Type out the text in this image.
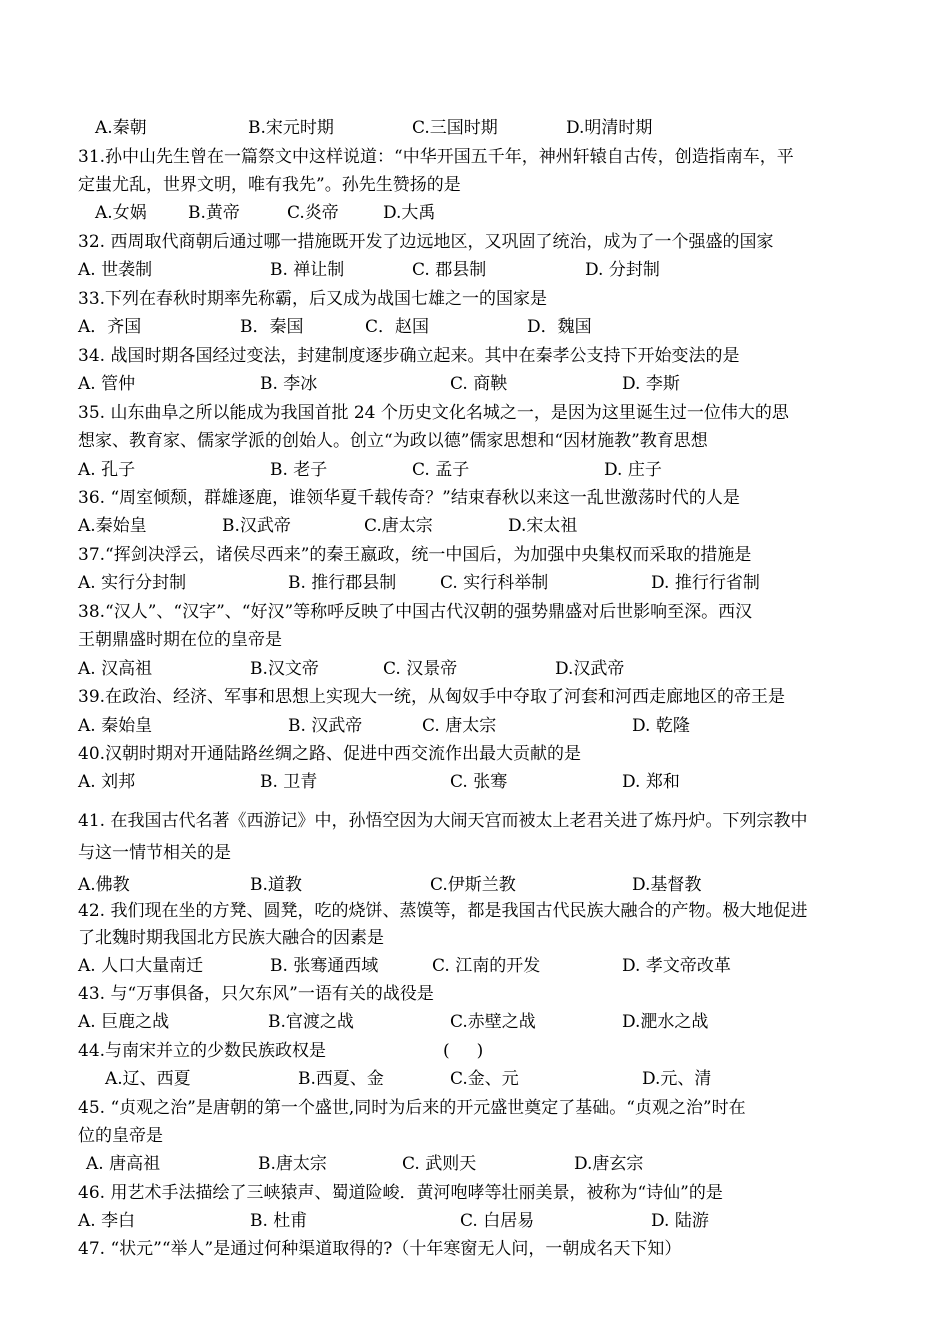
A.秦朝	B.宋元时期	C.三国时期	D.明清时期
31.孙中山先生曾在一篇祭文中这样说道：“中华开国五千年，神州轩辕自古传，创造指南车，平
定蚩尤乱，世界文明，唯有我先”。孙先生赞扬的是
A.女娲 B.黄帝	C.炎帝	D.大禹
32. 西周取代商朝后通过哪一措施既开发了边远地区，又巩固了统治，成为了一个强盛的国家
A. 世袭制	B. 禅让制	C. 郡县制	D. 分封制
33.下列在春秋时期率先称霸，后又成为战国七雄之一的国家是
A．齐国	B．秦国	C．赵国	D．魏国
34. 战国时期各国经过变法，封建制度逐步确立起来。其中在秦孝公支持下开始变法的是
A. 管仲	B. 李冰	C. 商鞅	D. 李斯
35. 山东曲阜之所以能成为我国首批 24 个历史文化名城之一，是因为这里诞生过一位伟大的思
想家、教育家、儒家学派的创始人。创立“为政以德”儒家思想和“因材施教”教育思想
A. 孔子	B. 老子	C. 孟子	D. 庄子
36. “周室倾颓，群雄逐鹿，谁领华夏千载传奇？”结束春秋以来这一乱世激荡时代的人是
A.秦始皇	B.汉武帝	C.唐太宗	D.宋太祖
37.“挥剑决浮云，诸侯尽西来”的秦王嬴政，统一中国后，为加强中央集权而采取的措施是
A. 实行分封制	B. 推行郡县制	C. 实行科举制	D. 推行行省制
38.“汉人”、“汉字”、“好汉”等称呼反映了中国古代汉朝的强势鼎盛对后世影响至深。西汉
王朝鼎盛时期在位的皇帝是
A. 汉高祖	B.汉文帝	C. 汉景帝	D.汉武帝
39.在政治、经济、军事和思想上实现大一统，从匈奴手中夺取了河套和河西走廊地区的帝王是
A. 秦始皇	B. 汉武帝	C. 唐太宗	D. 乾隆
40.汉朝时期对开通陆路丝绸之路、促进中西交流作出最大贡献的是
A. 刘邦	B. 卫青	C. 张骞	D. 郑和
41. 在我国古代名著《西游记》中，孙悟空因为大闹天宫而被太上老君关进了炼丹炉。下列宗教中
与这一情节相关的是
A.佛教	B.道教	C.伊斯兰教	D.基督教
42. 我们现在坐的方凳、圆凳，吃的烧饼、蒸馍等，都是我国古代民族大融合的产物。极大地促进
了北魏时期我国北方民族大融合的因素是
A. 人口大量南迁	B. 张骞通西域	C. 江南的开发	D. 孝文帝改革
43. 与“万事俱备，只欠东风”一语有关的战役是
A. 巨鹿之战	B.官渡之战	C.赤壁之战	D.淝水之战
44.与南宋并立的少数民族政权是	(     )
A.辽、西夏	B.西夏、金	C.金、元	D.元、清
45. “贞观之治”是唐朝的第一个盛世,同时为后来的开元盛世奠定了基础。“贞观之治”时在
位的皇帝是
A. 唐高祖	B.唐太宗	C. 武则天	D.唐玄宗
46. 用艺术手法描绘了三峡猿声、蜀道险峻．黄河咆哮等壮丽美景，被称为“诗仙”的是
A. 李白	B. 杜甫	C. 白居易	D. 陆游
47. “状元”“举人”是通过何种渠道取得的?（十年寒窗无人问，一朝成名天下知）
